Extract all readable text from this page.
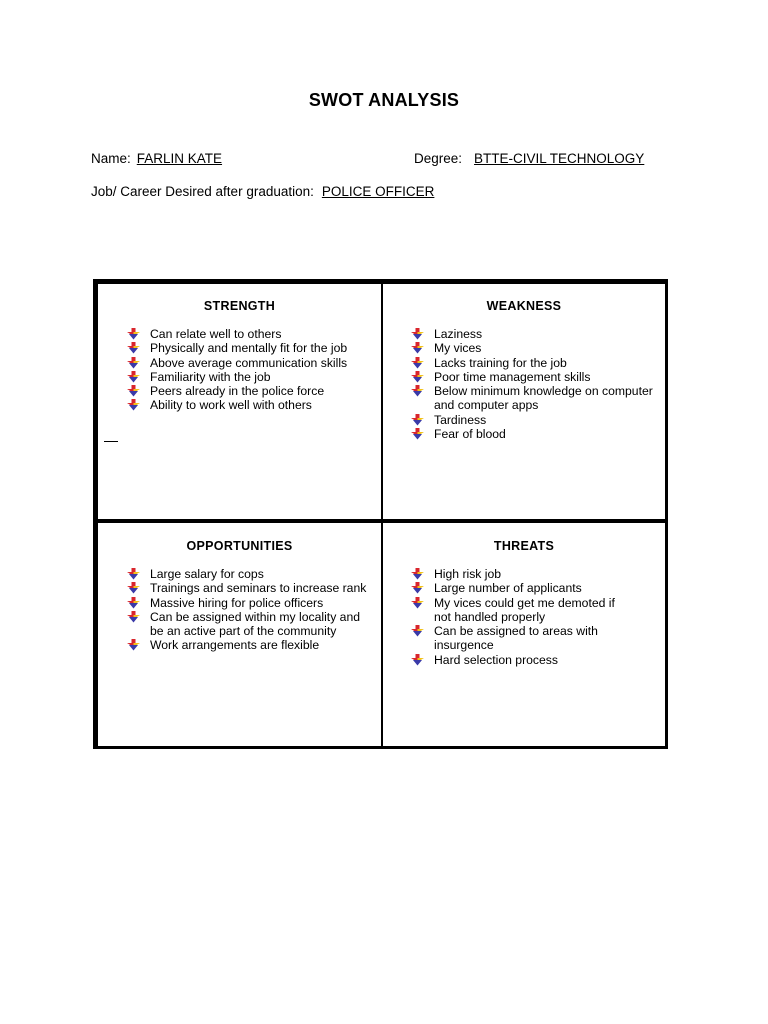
SWOT ANALYSIS
Name: FARLIN KATE	Degree: BTTE-CIVIL TECHNOLOGY
Job/ Career Desired after graduation: POLICE OFFICER
STRENGTH
Can relate well to others
Physically and mentally fit for the job
Above average communication skills
Familiarity with the job
Peers already in the police force
Ability to work well with others
WEAKNESS
Laziness
My vices
Lacks training for the job
Poor time management skills
Below minimum knowledge on computer and computer apps
Tardiness
Fear of blood
OPPORTUNITIES
Large salary for cops
Trainings and seminars to increase rank
Massive hiring for police officers
Can be assigned within my locality and be an active part of the community
Work arrangements are flexible
THREATS
High risk job
Large number of applicants
My vices could get me demoted if not handled properly
Can be assigned to areas with insurgence
Hard selection process
